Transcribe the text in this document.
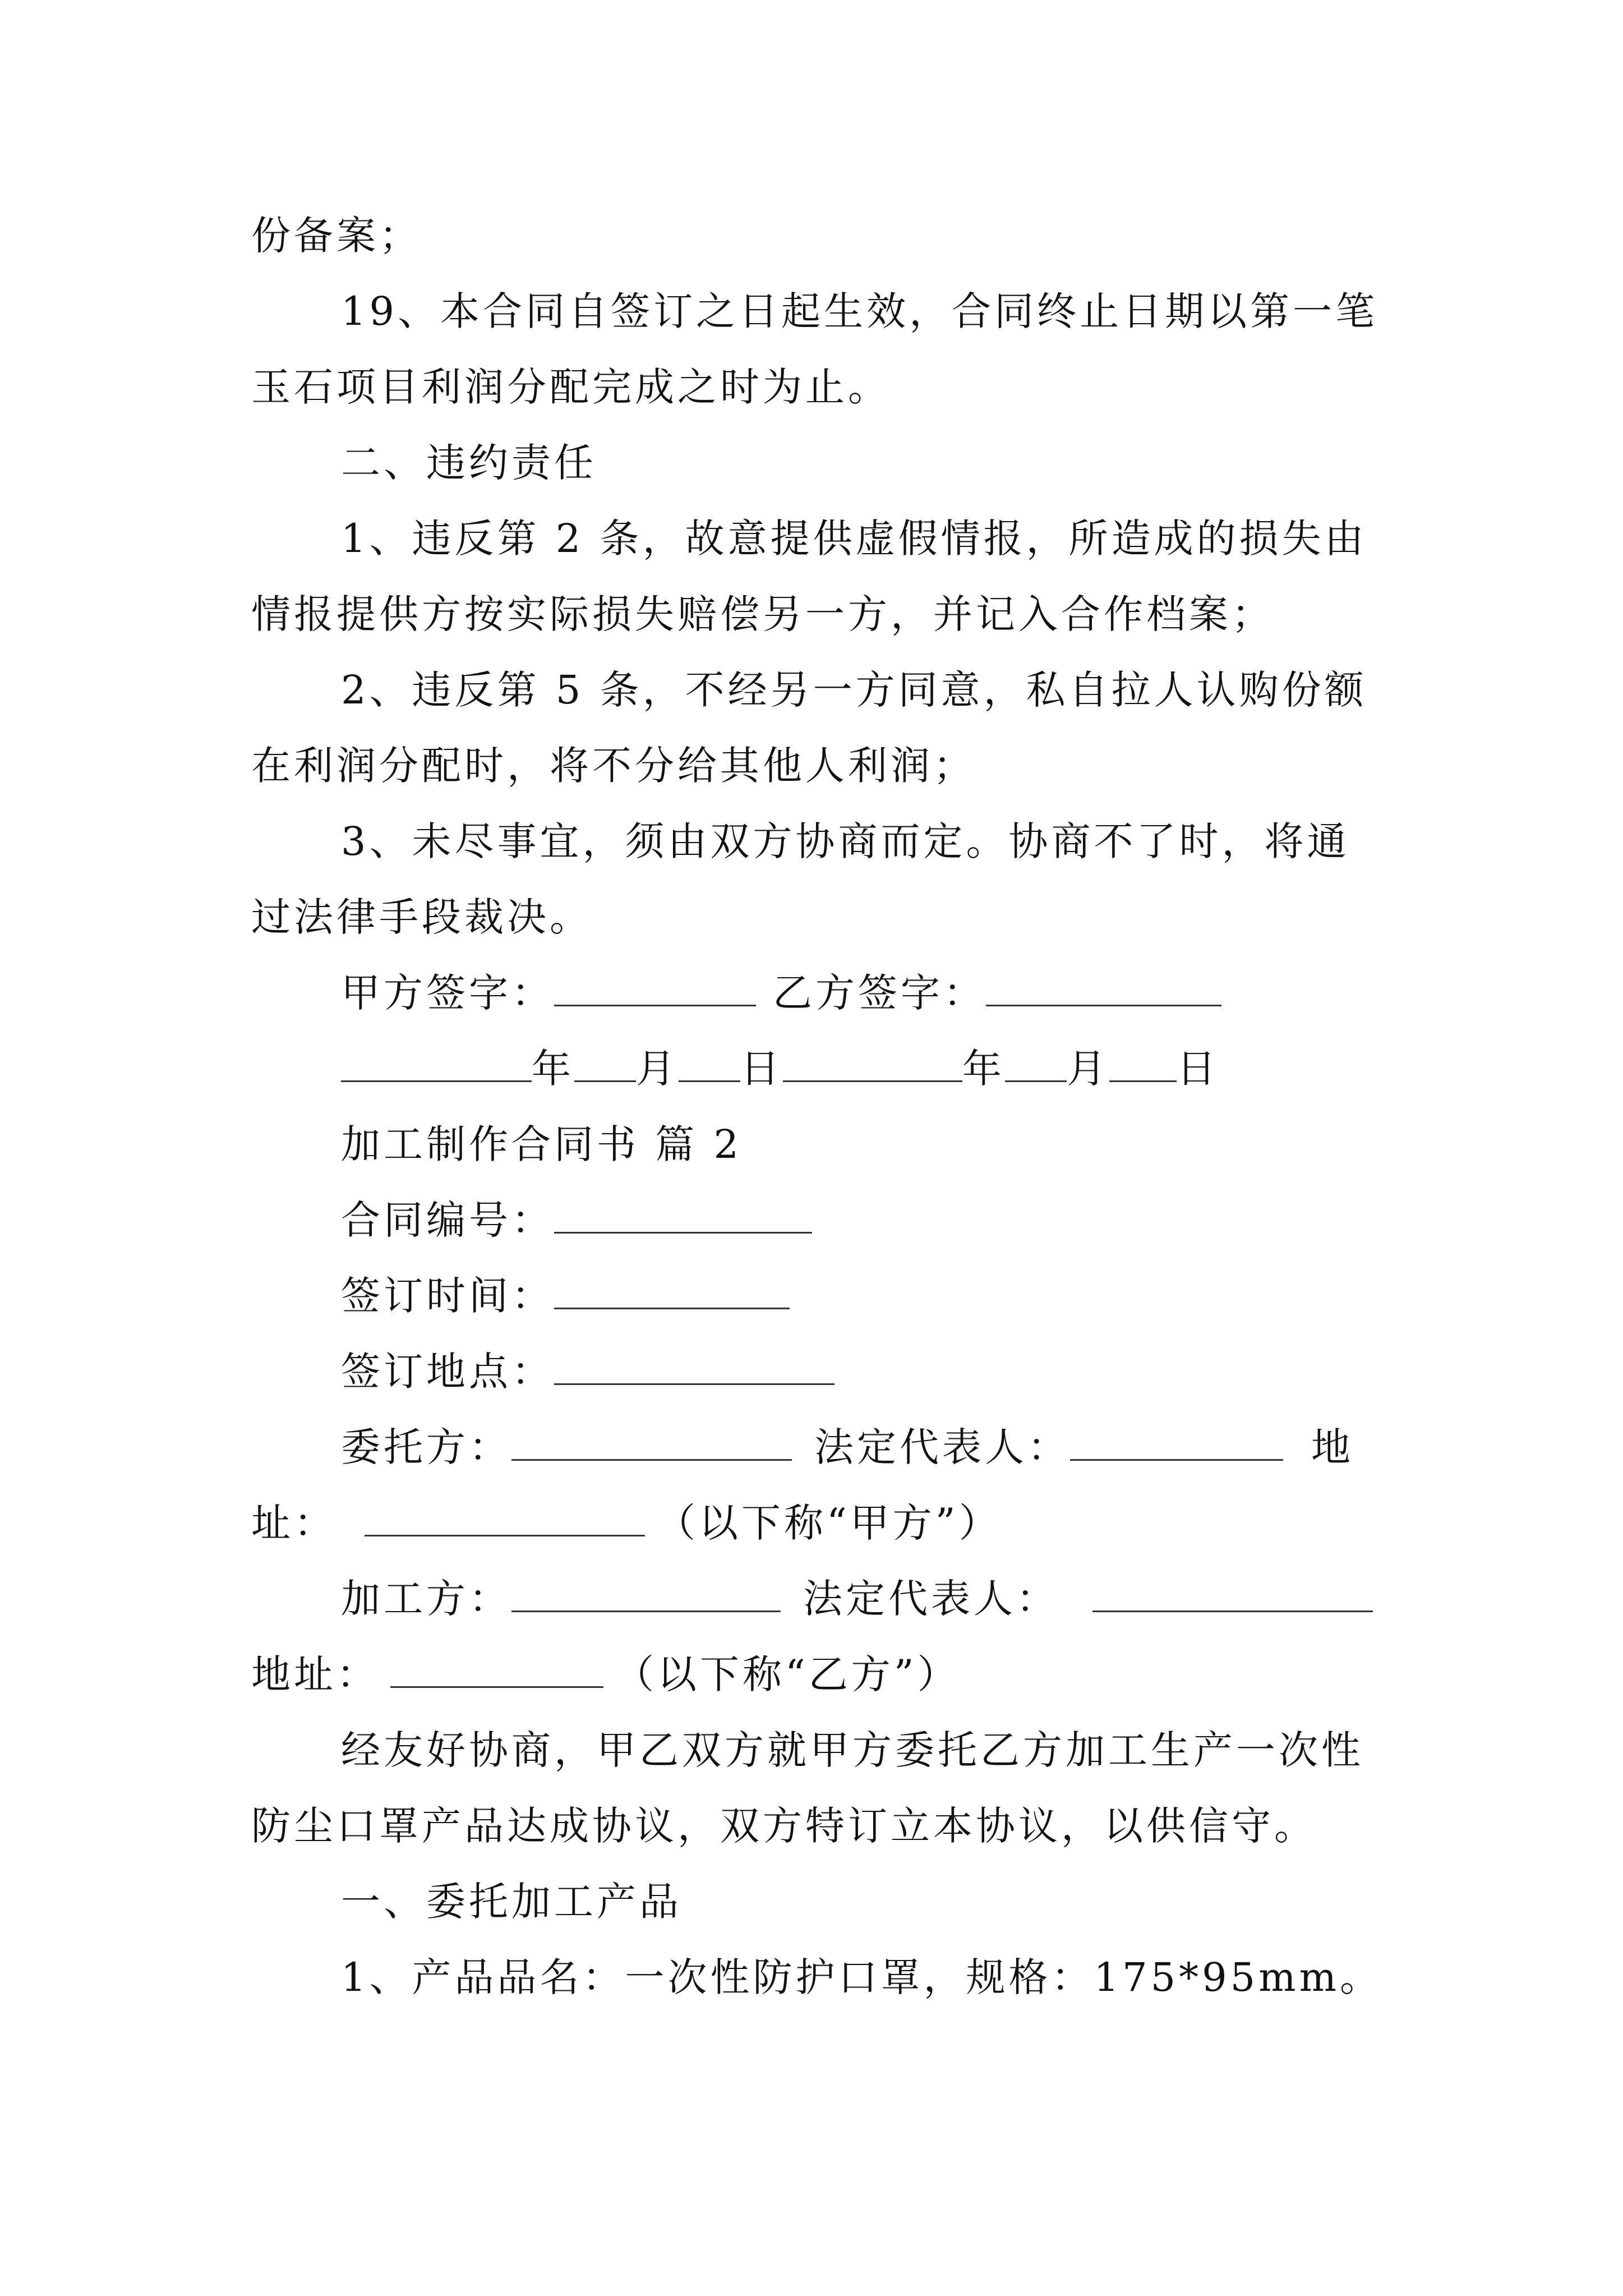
份备案；
19、本合同自签订之日起生效，合同终止日期以第一笔
玉石项目利润分配完成之时为止。
二、违约责任
1、违反第 2 条，故意提供虚假情报，所造成的损失由
情报提供方按实际损失赔偿另一方，并记入合作档案；
2、违反第 5 条，不经另一方同意，私自拉人认购份额
在利润分配时，将不分给其他人利润；
3、未尽事宜，须由双方协商而定。协商不了时，将通
过法律手段裁决。
甲方签字：	乙方签字：
年 月 日	年 月 日
加工制作合同书 篇 2
合同编号：
签订时间：
签订地点：
委托方：	法定代表人：	地
址：	（以下称“甲方”）
加工方：	法定代表人：
地址：	（以下称“乙方”）
经友好协商，甲乙双方就甲方委托乙方加工生产一次性
防尘口罩产品达成协议，双方特订立本协议，以供信守。
一、委托加工产品
1、产品品名：一次性防护口罩，规格：175*95mm。
